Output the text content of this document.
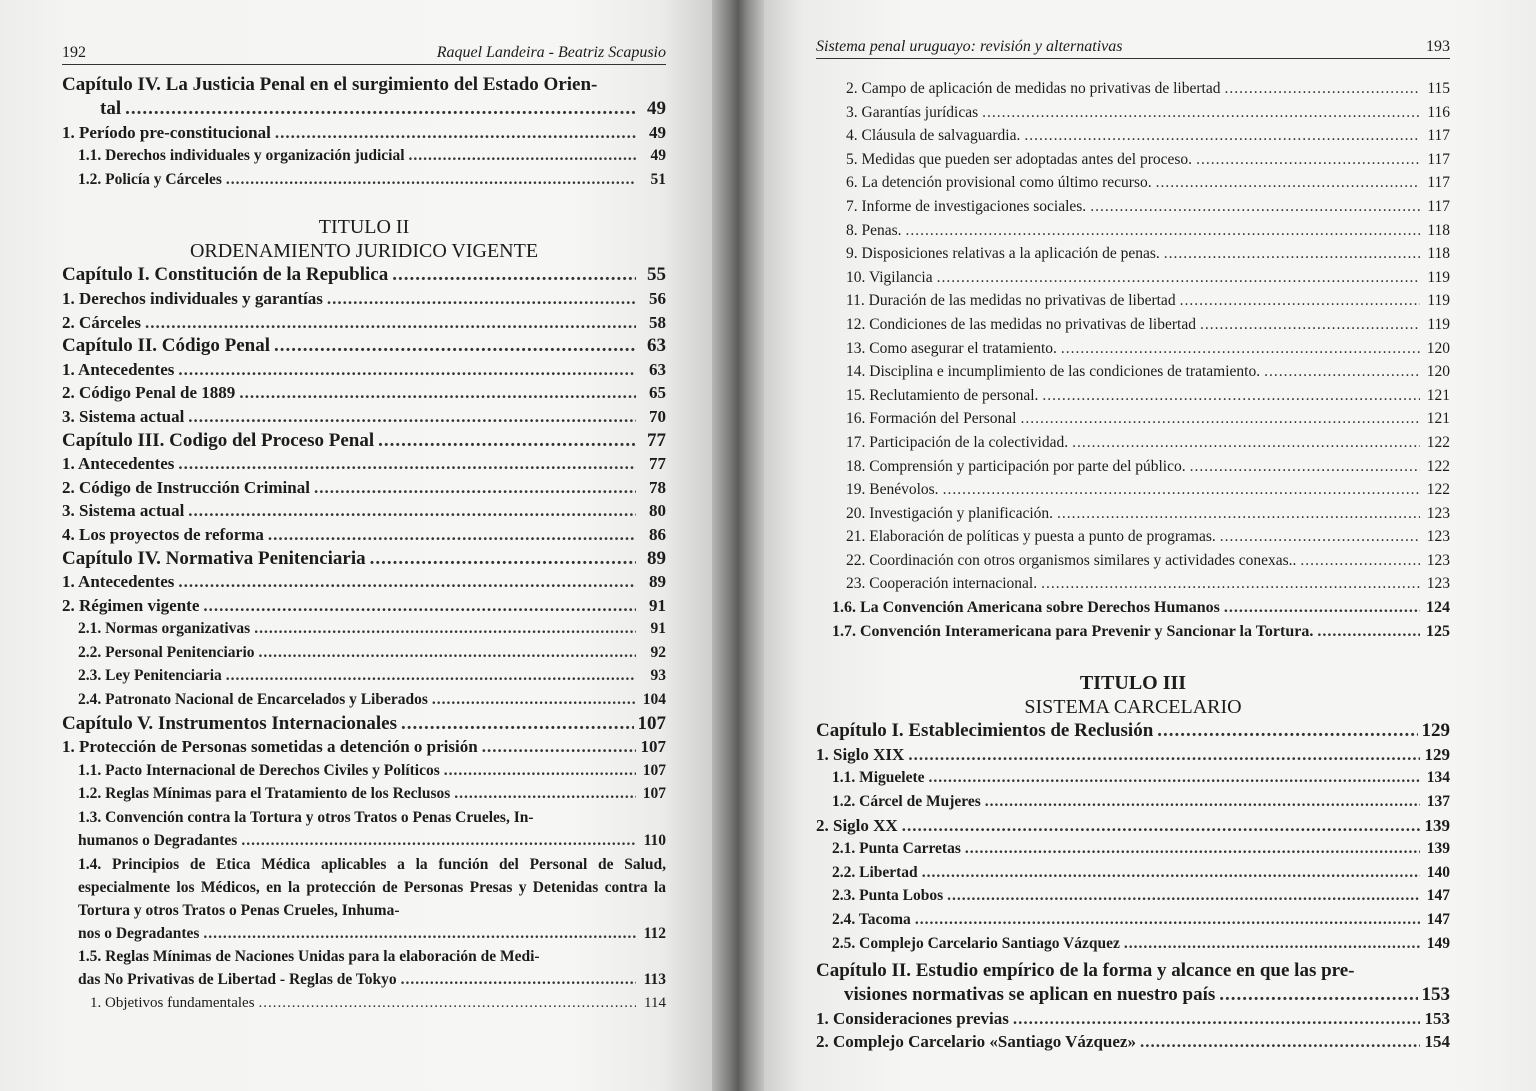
192	Raquel Landeira - Beatriz Scapusio
Capítulo IV. La Justicia Penal en el surgimiento del Estado Orien-
tal .....	49
1. Período pre-constitucional .....	49
1.1. Derechos individuales y organización judicial .....	49
1.2. Policía y Cárceles .....	51
TITULO II
ORDENAMIENTO JURIDICO VIGENTE
Capítulo I. Constitución de la Republica .....	55
1. Derechos individuales y garantías .....	56
2. Cárceles .....	58
Capítulo II. Código Penal .....	63
1. Antecedentes .....	63
2. Código Penal de 1889 .....	65
3. Sistema actual .....	70
Capítulo III. Codigo del Proceso Penal .....	77
1. Antecedentes .....	77
2. Código de Instrucción Criminal .....	78
3. Sistema actual .....	80
4. Los proyectos de reforma .....	86
Capítulo IV. Normativa Penitenciaria .....	89
1. Antecedentes .....	89
2. Régimen vigente .....	91
2.1. Normas organizativas .....	91
2.2. Personal Penitenciario .....	92
2.3. Ley Penitenciaria .....	93
2.4. Patronato Nacional de Encarcelados y Liberados .....	104
Capítulo V. Instrumentos Internacionales .....	107
1. Protección de Personas sometidas a detención o prisión .....	107
1.1. Pacto Internacional de Derechos Civiles y Políticos .....	107
1.2. Reglas Mínimas para el Tratamiento de los Reclusos .....	107
1.3. Convención contra la Tortura y otros Tratos o Penas Crueles, In-
humanos o Degradantes .....	110
1.4. Principios de Etica Médica aplicables a la función del Personal de Salud, especialmente los Médicos, en la protección de Personas Presas y Detenidas contra la Tortura y otros Tratos o Penas Crueles, Inhuma-
nos o Degradantes .....	112
1.5. Reglas Mínimas de Naciones Unidas para la elaboración de Medi-
das No Privativas de Libertad - Reglas de Tokyo .....	113
1. Objetivos fundamentales .....	114
Sistema penal uruguayo: revisión y alternativas	193
2. Campo de aplicación de medidas no privativas de libertad .....	115
3. Garantías jurídicas .....	116
4. Cláusula de salvaguardia. .....	117
5. Medidas que pueden ser adoptadas antes del proceso. .....	117
6. La detención provisional como último recurso. .....	117
7. Informe de investigaciones sociales. .....	117
8. Penas. .....	118
9. Disposiciones relativas a la aplicación de penas. .....	118
10. Vigilancia .....	119
11. Duración de las medidas no privativas de libertad .....	119
12. Condiciones de las medidas no privativas de libertad .....	119
13. Como asegurar el tratamiento. .....	120
14. Disciplina e incumplimiento de las condiciones de tratamiento. .....	120
15. Reclutamiento de personal. .....	121
16. Formación del Personal .....	121
17. Participación de la colectividad. .....	122
18. Comprensión y participación por parte del público. .....	122
19. Benévolos. .....	122
20. Investigación y planificación. .....	123
21. Elaboración de políticas y puesta a punto de programas. .....	123
22. Coordinación con otros organismos similares y actividades conexas.. .....	123
23. Cooperación internacional. .....	123
1.6. La Convención Americana sobre Derechos Humanos .....	124
1.7. Convención Interamericana para Prevenir y Sancionar la Tortura. .....	125
TITULO III
SISTEMA CARCELARIO
Capítulo I. Establecimientos de Reclusión .....	129
1. Siglo XIX .....	129
1.1. Miguelete .....	134
1.2. Cárcel de Mujeres .....	137
2. Siglo XX .....	139
2.1. Punta Carretas .....	139
2.2. Libertad .....	140
2.3. Punta Lobos .....	147
2.4. Tacoma .....	147
2.5. Complejo Carcelario Santiago Vázquez .....	149
Capítulo II. Estudio empírico de la forma y alcance en que las pre-
visiones normativas se aplican en nuestro país .....	153
1. Consideraciones previas .....	153
2. Complejo Carcelario «Santiago Vázquez» .....	154
